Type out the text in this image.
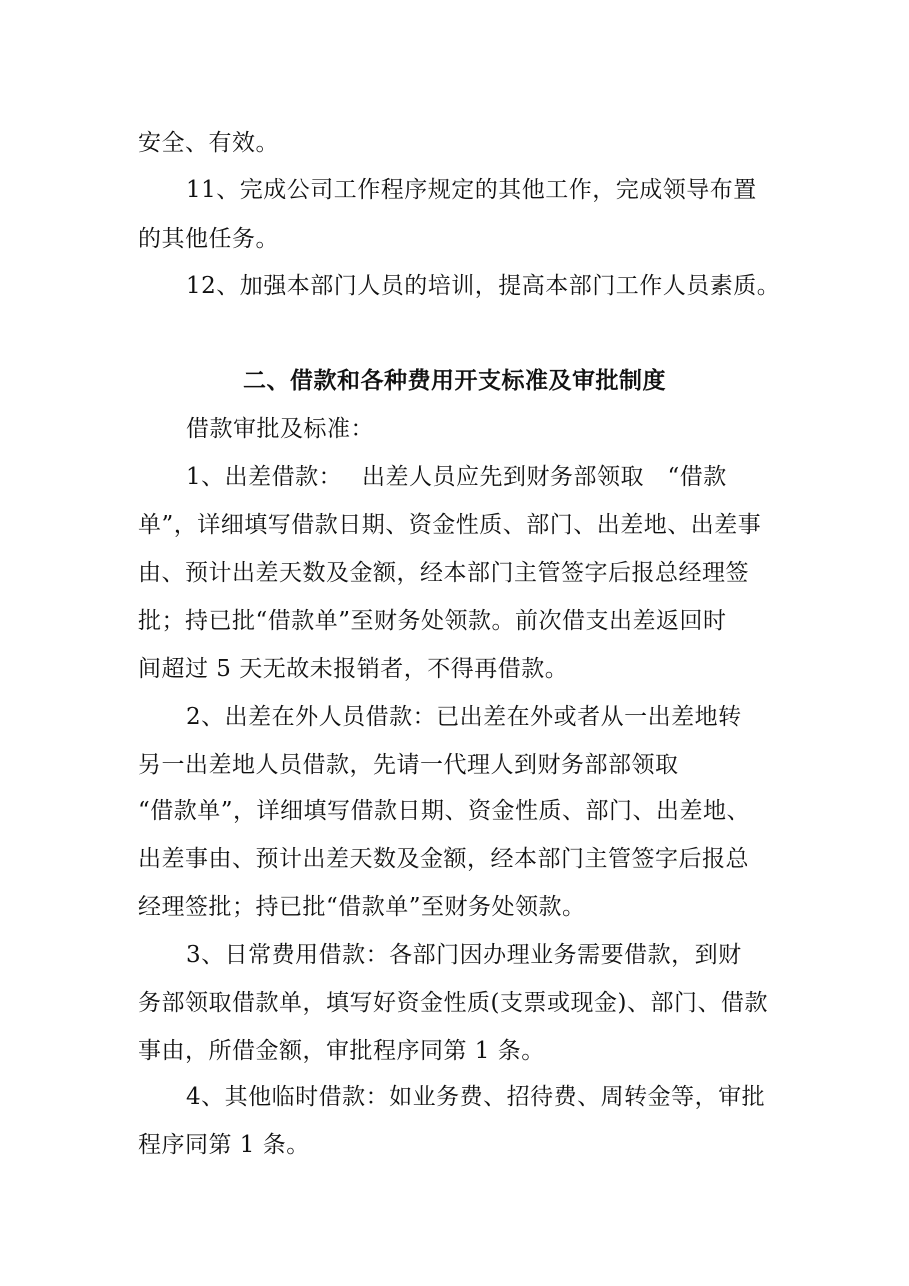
安全、有效。
11、完成公司工作程序规定的其他工作，完成领导布置
的其他任务。
12、加强本部门人员的培训，提高本部门工作人员素质。
二、借款和各种费用开支标准及审批制度
借款审批及标准：
1、出差借款：　 出差人员应先到财务部领取　“借款
单”，详细填写借款日期、资金性质、部门、出差地、出差事
由、预计出差天数及金额，经本部门主管签字后报总经理签
批；持已批“借款单”至财务处领款。前次借支出差返回时
间超过 5 天无故未报销者，不得再借款。
2、出差在外人员借款：已出差在外或者从一出差地转
另一出差地人员借款，先请一代理人到财务部部领取
“借款单”，详细填写借款日期、资金性质、部门、出差地、
出差事由、预计出差天数及金额，经本部门主管签字后报总
经理签批；持已批“借款单”至财务处领款。
3、日常费用借款：各部门因办理业务需要借款，到财
务部领取借款单，填写好资金性质(支票或现金)、部门、借款
事由，所借金额，审批程序同第 1 条。
4、其他临时借款：如业务费、招待费、周转金等，审批
程序同第 1 条。
